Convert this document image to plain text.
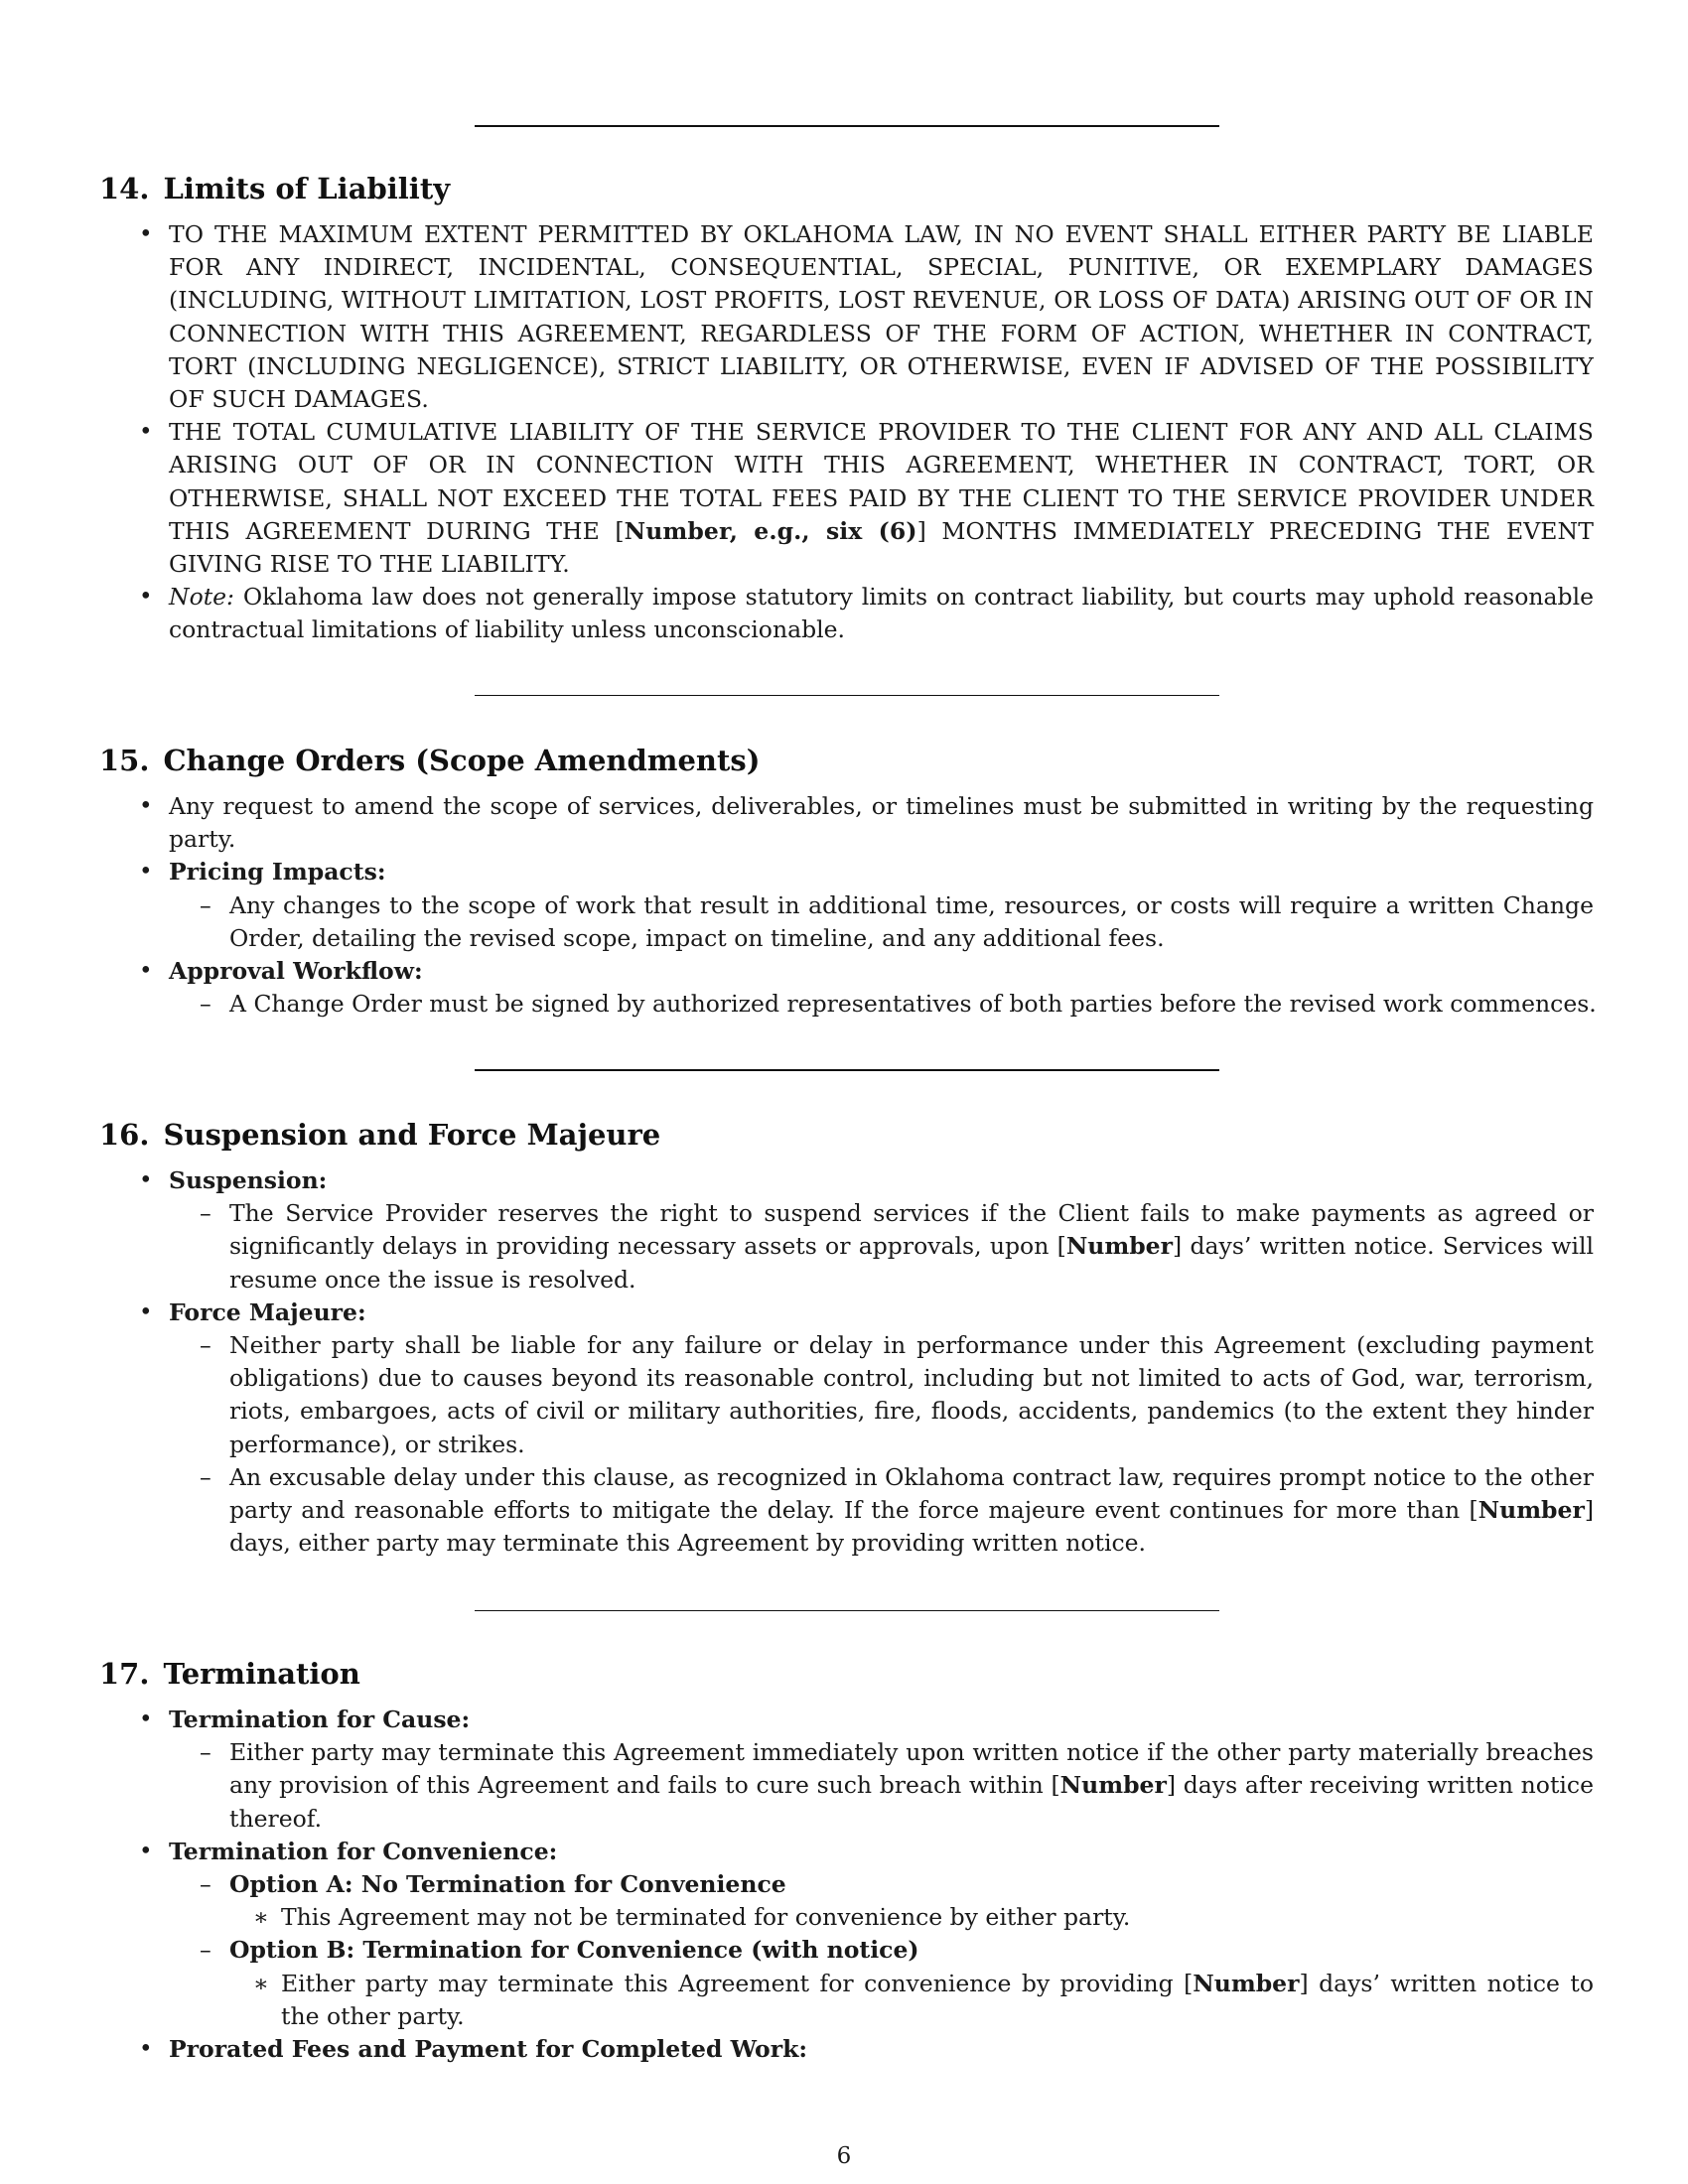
14. Limits of Liability
• TO THE MAXIMUM EXTENT PERMITTED BY OKLAHOMA LAW, IN NO EVENT SHALL EITHER PARTY BE LIABLE FOR ANY INDIRECT, INCIDENTAL, CONSEQUENTIAL, SPECIAL, PUNITIVE, OR EXEMPLARY DAMAGES (INCLUDING, WITHOUT LIMITATION, LOST PROFITS, LOST REVENUE, OR LOSS OF DATA) ARISING OUT OF OR IN CONNECTION WITH THIS AGREEMENT, REGARDLESS OF THE FORM OF ACTION, WHETHER IN CONTRACT, TORT (INCLUDING NEGLIGENCE), STRICT LIABILITY, OR OTHERWISE, EVEN IF ADVISED OF THE POSSIBILITY OF SUCH DAMAGES.
• THE TOTAL CUMULATIVE LIABILITY OF THE SERVICE PROVIDER TO THE CLIENT FOR ANY AND ALL CLAIMS ARISING OUT OF OR IN CONNECTION WITH THIS AGREEMENT, WHETHER IN CONTRACT, TORT, OR OTHERWISE, SHALL NOT EXCEED THE TOTAL FEES PAID BY THE CLIENT TO THE SERVICE PROVIDER UNDER THIS AGREEMENT DURING THE [Number, e.g., six (6)] MONTHS IMMEDIATELY PRECEDING THE EVENT GIVING RISE TO THE LIABILITY.
• Note: Oklahoma law does not generally impose statutory limits on contract liability, but courts may uphold reasonable contractual limitations of liability unless unconscionable.
15. Change Orders (Scope Amendments)
• Any request to amend the scope of services, deliverables, or timelines must be submitted in writing by the requesting party.
• Pricing Impacts:
– Any changes to the scope of work that result in additional time, resources, or costs will require a written Change Order, detailing the revised scope, impact on timeline, and any additional fees.
• Approval Workflow:
– A Change Order must be signed by authorized representatives of both parties before the revised work commences.
16. Suspension and Force Majeure
• Suspension:
– The Service Provider reserves the right to suspend services if the Client fails to make payments as agreed or significantly delays in providing necessary assets or approvals, upon [Number] days’ written notice. Services will resume once the issue is resolved.
• Force Majeure:
– Neither party shall be liable for any failure or delay in performance under this Agreement (excluding payment obligations) due to causes beyond its reasonable control, including but not limited to acts of God, war, terrorism, riots, embargoes, acts of civil or military authorities, fire, floods, accidents, pandemics (to the extent they hinder performance), or strikes.
– An excusable delay under this clause, as recognized in Oklahoma contract law, requires prompt notice to the other party and reasonable efforts to mitigate the delay. If the force majeure event continues for more than [Number] days, either party may terminate this Agreement by providing written notice.
17. Termination
• Termination for Cause:
– Either party may terminate this Agreement immediately upon written notice if the other party materially breaches any provision of this Agreement and fails to cure such breach within [Number] days after receiving written notice thereof.
• Termination for Convenience:
– Option A: No Termination for Convenience
∗ This Agreement may not be terminated for convenience by either party.
– Option B: Termination for Convenience (with notice)
∗ Either party may terminate this Agreement for convenience by providing [Number] days’ written notice to the other party.
• Prorated Fees and Payment for Completed Work:
6
